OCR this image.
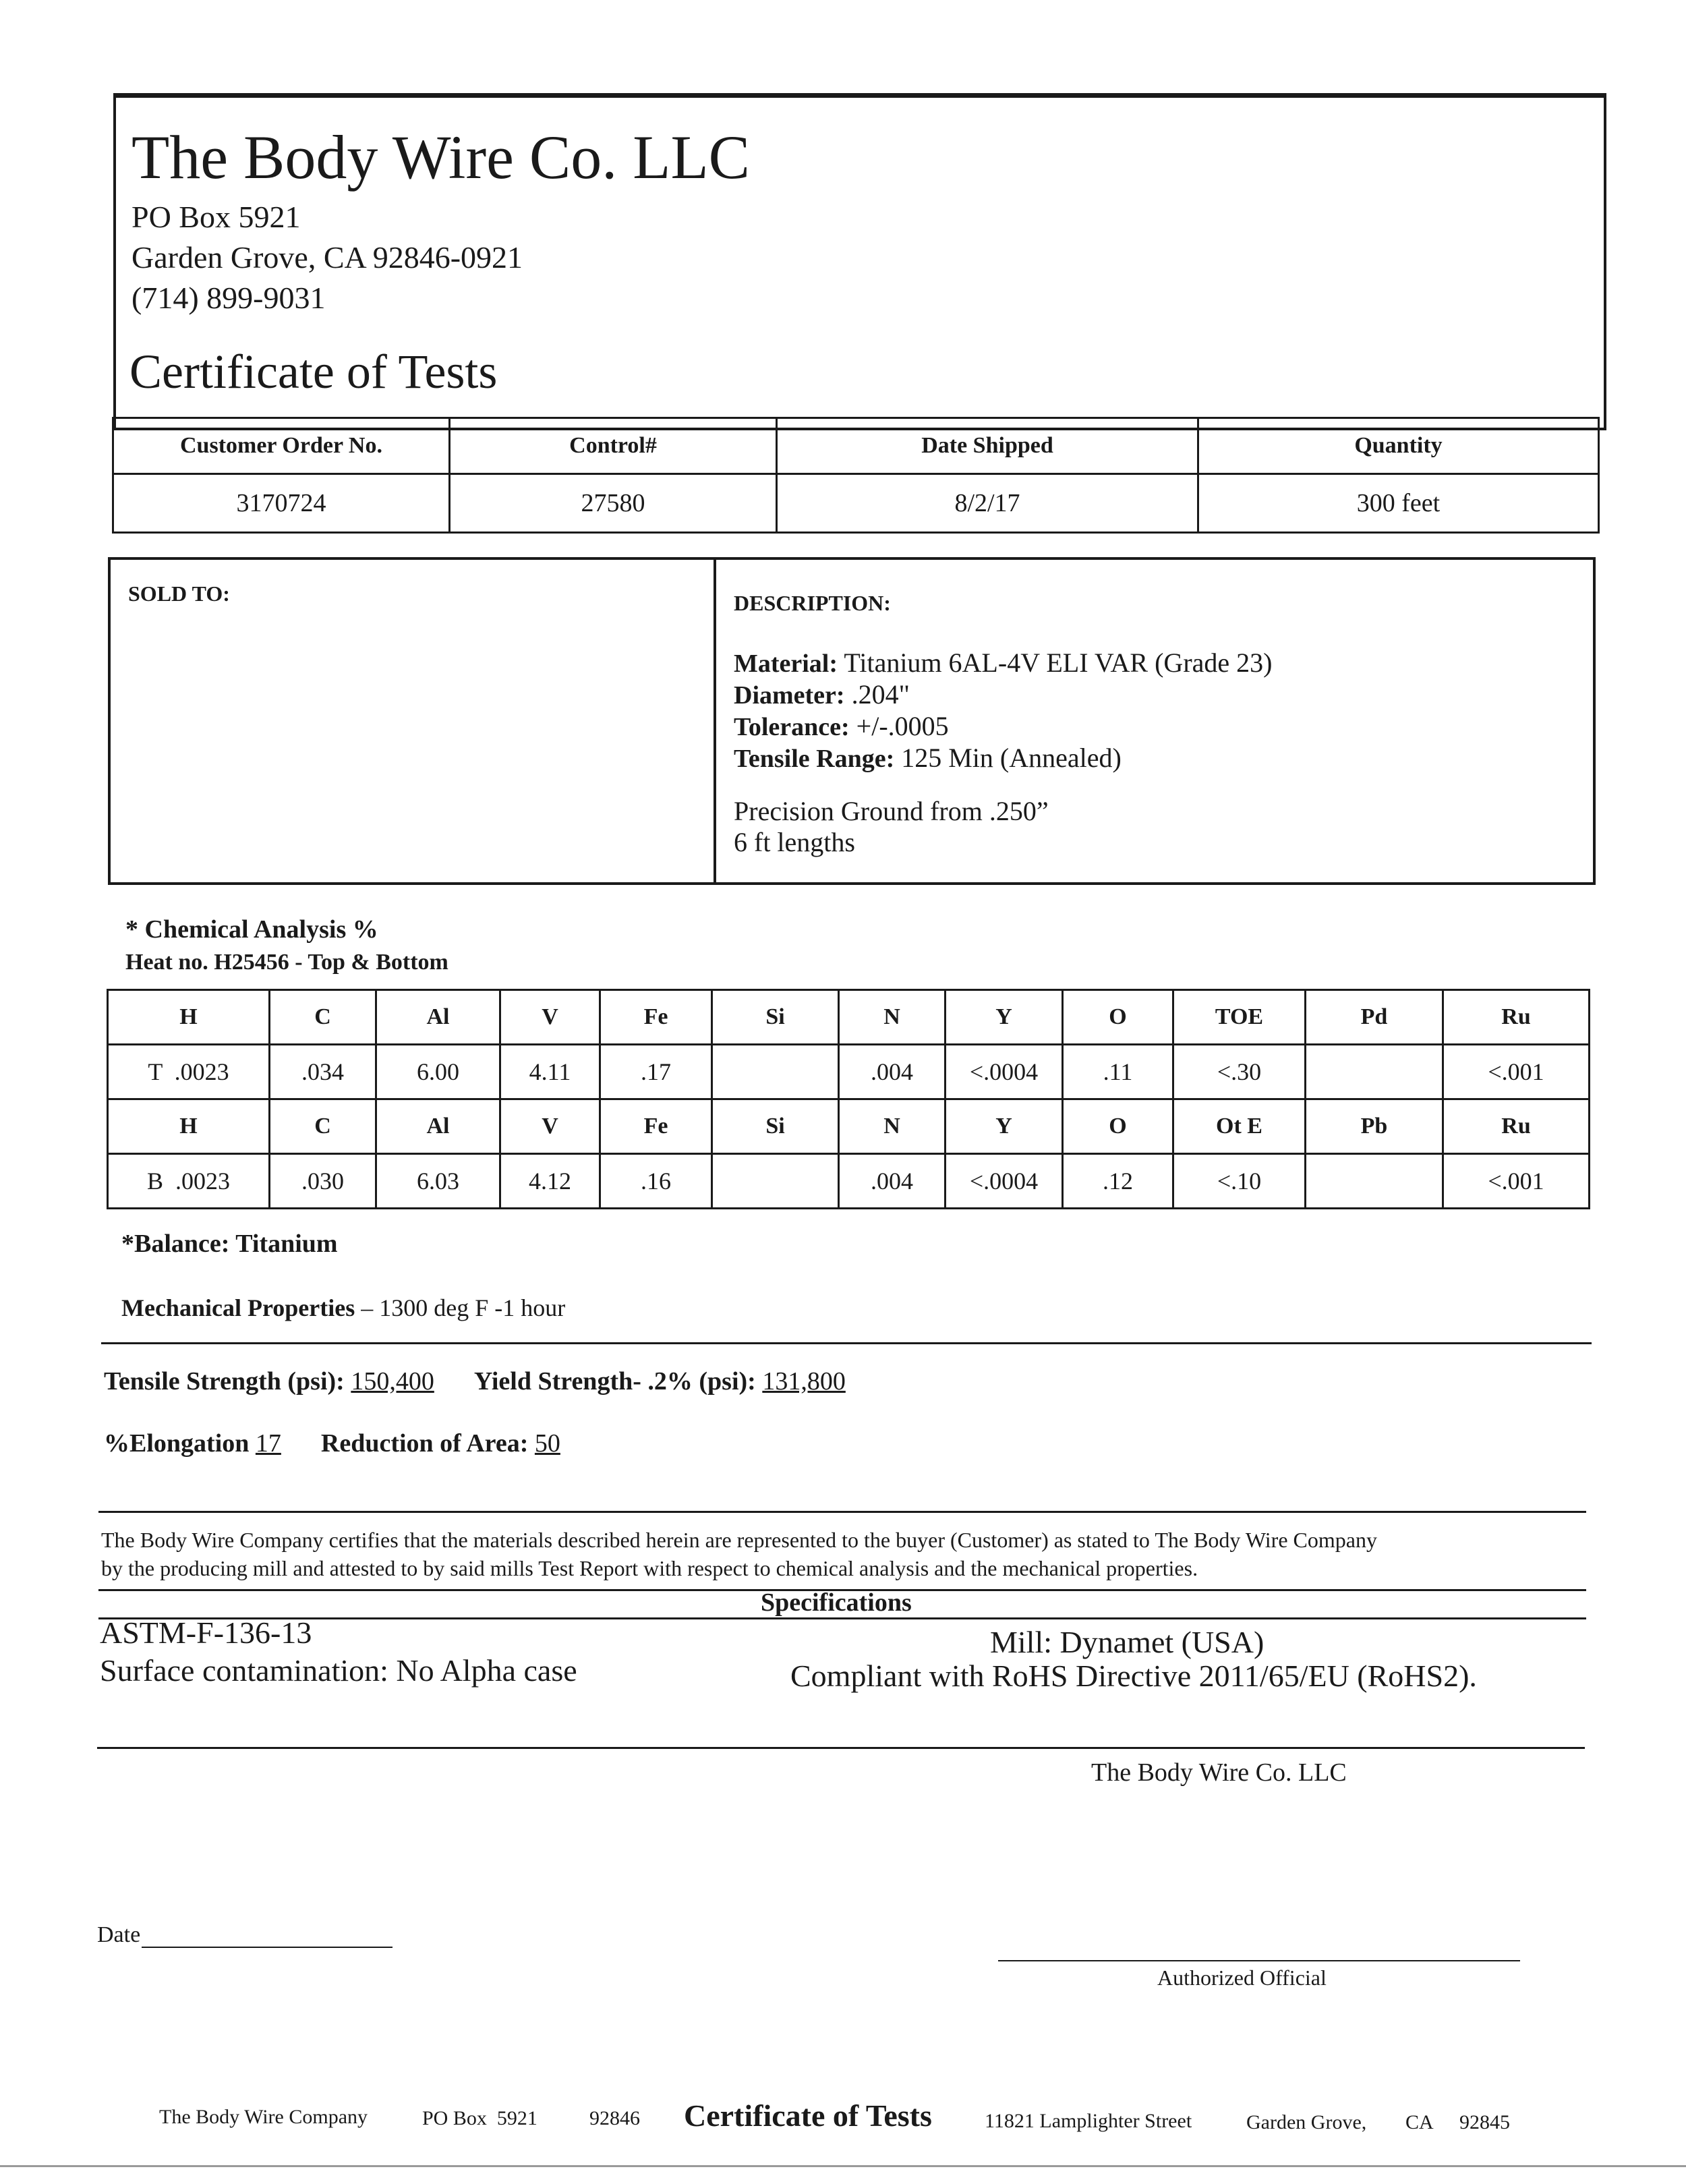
The Body Wire Co. LLC
PO Box 5921
Garden Grove, CA 92846-0921
(714) 899-9031
Certificate of Tests
Customer Order No.	Control#	Date Shipped	Quantity
3170724	27580	8/2/17	300 feet
SOLD TO:	DESCRIPTION:
Material: Titanium 6AL-4V ELI VAR (Grade 23)
Diameter: .204"
Tolerance: +/-.0005
Tensile Range: 125 Min (Annealed)
Precision Ground from .250”
6 ft lengths
* Chemical Analysis %
Heat no. H25456 - Top & Bottom
H	C	Al	V	Fe	Si	N	Y	O	TOE	Pd	Ru
T  .0023	.034	6.00	4.11	.17		.004	<.0004	.11	<.30		<.001
H	C	Al	V	Fe	Si	N	Y	O	Ot E	Pb	Ru
B  .0023	.030	6.03	4.12	.16		.004	<.0004	.12	<.10		<.001
*Balance: Titanium
Mechanical Properties – 1300 deg F -1 hour
Tensile Strength (psi): 150,400 Yield Strength- .2% (psi): 131,800
%Elongation 17 Reduction of Area: 50
The Body Wire Company certifies that the materials described herein are represented to the buyer (Customer) as stated to The Body Wire Company
by the producing mill and attested to by said mills Test Report with respect to chemical analysis and the mechanical properties.
Specifications
ASTM-F-136-13
Surface contamination: No Alpha case
Mill: Dynamet (USA)
Compliant with RoHS Directive 2011/65/EU (RoHS2).
The Body Wire Co. LLC
Date
Authorized Official
The Body Wire Company	PO Box  5921	92846 Certificate of Tests	11821 Lamplighter Street	Garden Grove, CA 92845
